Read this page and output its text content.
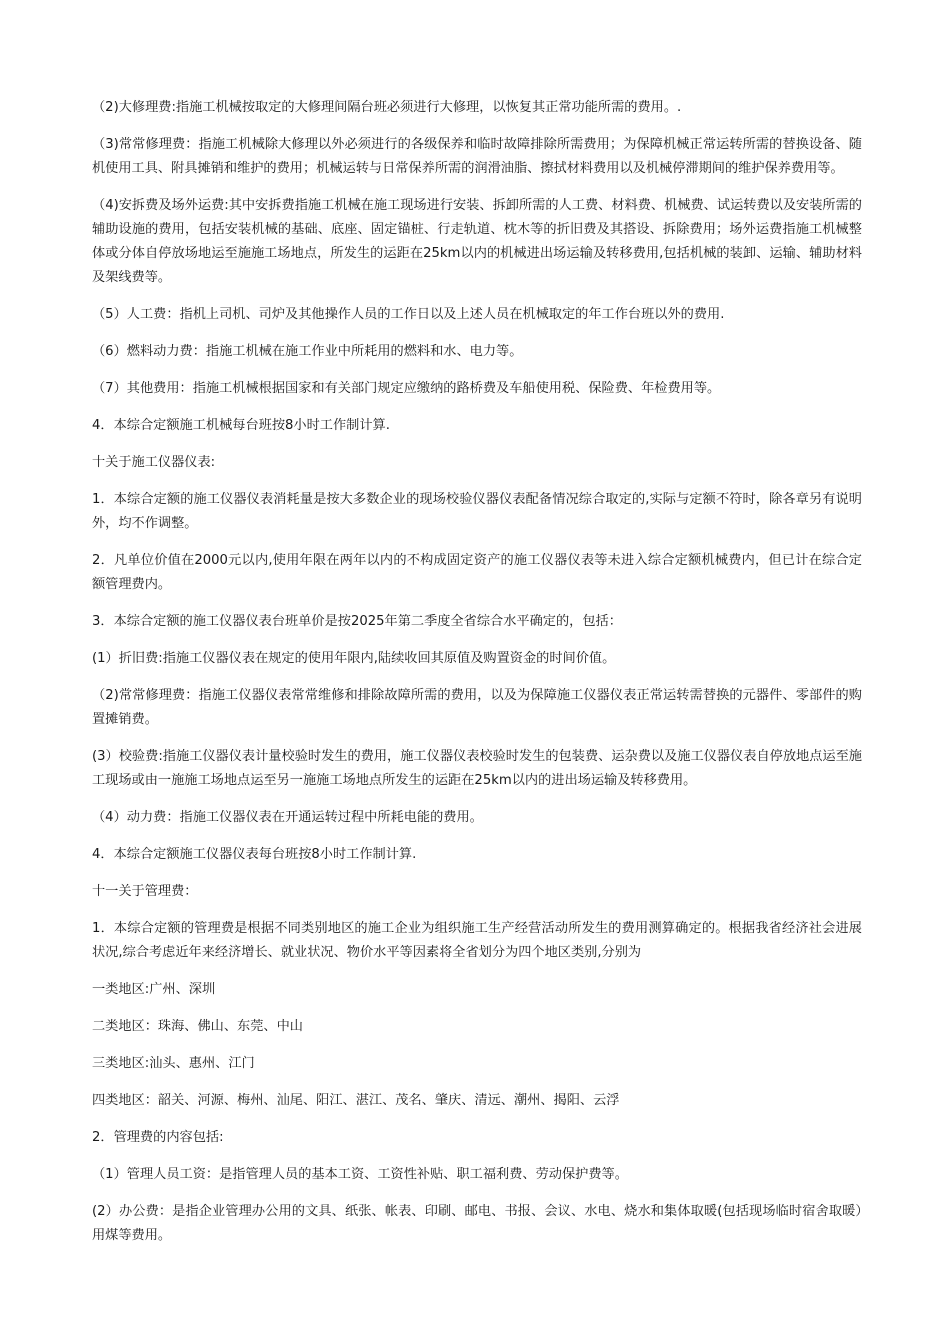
（2)大修理费:指施工机械按取定的大修理间隔台班必须进行大修理，以恢复其正常功能所需的费用。.

（3)常常修理费：指施工机械除大修理以外必须进行的各级保养和临时故障排除所需费用；为保障机械正常运转所需的替换设备、随机使用工具、附具摊销和维护的费用；机械运转与日常保养所需的润滑油脂、擦拭材料费用以及机械停滞期间的维护保养费用等。

（4)安拆费及场外运费:其中安拆费指施工机械在施工现场进行安装、拆卸所需的人工费、材料费、机械费、试运转费以及安装所需的辅助设施的费用，包括安装机械的基础、底座、固定锚桩、行走轨道、枕木等的折旧费及其搭设、拆除费用；场外运费指施工机械整体或分体自停放场地运至施施工场地点，所发生的运距在25km以内的机械进出场运输及转移费用,包括机械的装卸、运输、辅助材料及架线费等。

（5）人工费：指机上司机、司炉及其他操作人员的工作日以及上述人员在机械取定的年工作台班以外的费用.

（6）燃料动力费：指施工机械在施工作业中所耗用的燃料和水、电力等。

（7）其他费用：指施工机械根据国家和有关部门规定应缴纳的路桥费及车船使用税、保险费、年检费用等。

4．本综合定额施工机械每台班按8小时工作制计算.

十关于施工仪器仪表:

1．本综合定额的施工仪器仪表消耗量是按大多数企业的现场校验仪器仪表配备情况综合取定的,实际与定额不符时，除各章另有说明外，均不作调整。

2．凡单位价值在2000元以内,使用年限在两年以内的不构成固定资产的施工仪器仪表等未进入综合定额机械费内，但已计在综合定额管理费内。

3．本综合定额的施工仪器仪表台班单价是按2025年第二季度全省综合水平确定的，包括：

(1）折旧费:指施工仪器仪表在规定的使用年限内,陆续收回其原值及购置资金的时间价值。

（2)常常修理费：指施工仪器仪表常常维修和排除故障所需的费用，以及为保障施工仪器仪表正常运转需替换的元器件、零部件的购置摊销费。

(3）校验费:指施工仪器仪表计量校验时发生的费用，施工仪器仪表校验时发生的包装费、运杂费以及施工仪器仪表自停放地点运至施工现场或由一施施工场地点运至另一施施工场地点所发生的运距在25km以内的进出场运输及转移费用。

（4）动力费：指施工仪器仪表在开通运转过程中所耗电能的费用。

4．本综合定额施工仪器仪表每台班按8小时工作制计算.

十一关于管理费：

1．本综合定额的管理费是根据不同类别地区的施工企业为组织施工生产经营活动所发生的费用测算确定的。根据我省经济社会进展状况,综合考虑近年来经济增长、就业状况、物价水平等因素将全省划分为四个地区类别,分别为

一类地区:广州、深圳

二类地区：珠海、佛山、东莞、中山

三类地区:汕头、惠州、江门

四类地区：韶关、河源、梅州、汕尾、阳江、湛江、茂名、肇庆、清远、潮州、揭阳、云浮

2．管理费的内容包括:

（1）管理人员工资：是指管理人员的基本工资、工资性补贴、职工福利费、劳动保护费等。

(2）办公费：是指企业管理办公用的文具、纸张、帐表、印刷、邮电、书报、会议、水电、烧水和集体取暖(包括现场临时宿舍取暖）用煤等费用。
